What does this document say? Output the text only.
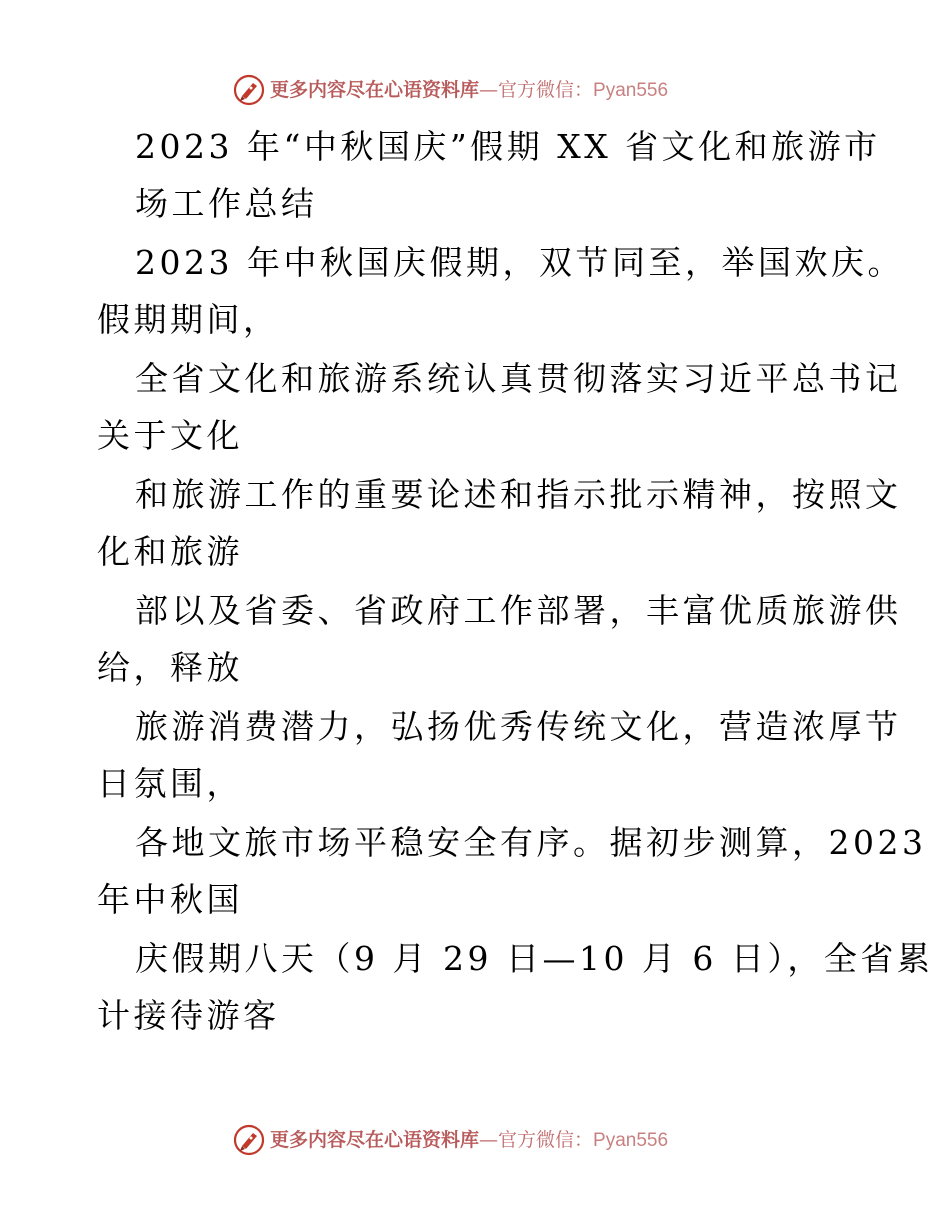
更多内容尽在心语资料库—官方微信：Pyan556
2023 年“中秋国庆”假期 XX 省文化和旅游市
场工作总结
2023 年中秋国庆假期，双节同至，举国欢庆。
假期期间，
全省文化和旅游系统认真贯彻落实习近平总书记
关于文化
和旅游工作的重要论述和指示批示精神，按照文
化和旅游
部以及省委、省政府工作部署，丰富优质旅游供
给，释放
旅游消费潜力，弘扬优秀传统文化，营造浓厚节
日氛围，
各地文旅市场平稳安全有序。据初步测算，2023
年中秋国
庆假期八天（9 月 29 日—10 月 6 日），全省累
计接待游客
更多内容尽在心语资料库—官方微信：Pyan556
